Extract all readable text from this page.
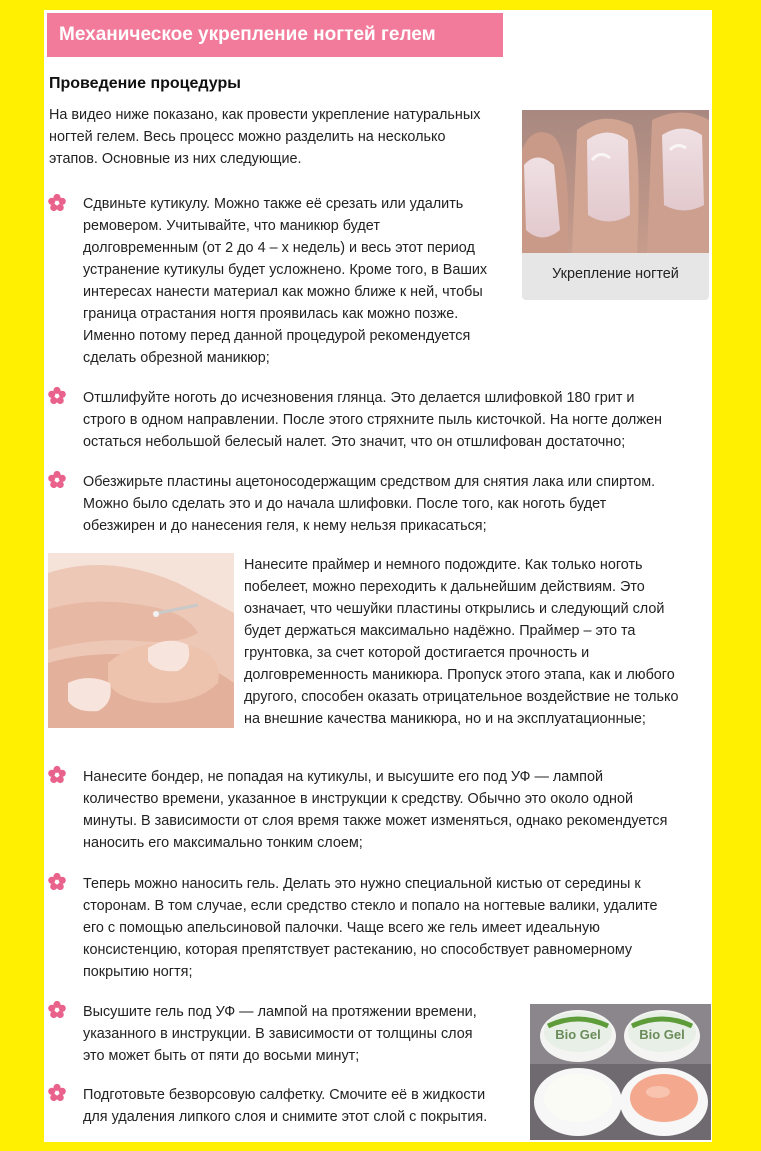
Механическое укрепление ногтей гелем
Проведение процедуры
На видео ниже показано, как провести укрепление натуральных
ногтей гелем. Весь процесс можно разделить на несколько
этапов. Основные из них следующие.
Укрепление ногтей
Сдвиньте кутикулу. Можно также её срезать или удалить
ремовером. Учитывайте, что маникюр будет
долговременным (от 2 до 4 – х недель) и весь этот период
устранение кутикулы будет усложнено. Кроме того, в Ваших
интересах нанести материал как можно ближе к ней, чтобы
граница отрастания ногтя проявилась как можно позже.
Именно потому перед данной процедурой рекомендуется
сделать обрезной маникюр;
Отшлифуйте ноготь до исчезновения глянца. Это делается шлифовкой 180 грит и
строго в одном направлении. После этого стряхните пыль кисточкой. На ногте должен
остаться небольшой белесый налет. Это значит, что он отшлифован достаточно;
Обезжирьте пластины ацетоносодержащим средством для снятия лака или спиртом.
Можно было сделать это и до начала шлифовки. После того, как ноготь будет
обезжирен и до нанесения геля, к нему нельзя прикасаться;
Нанесите праймер и немного подождите. Как только ноготь
побелеет, можно переходить к дальнейшим действиям. Это
означает, что чешуйки пластины открылись и следующий слой
будет держаться максимально надёжно. Праймер – это та
грунтовка, за счет которой достигается прочность и
долговременность маникюра. Пропуск этого этапа, как и любого
другого, способен оказать отрицательное воздействие не только
на внешние качества маникюра, но и на эксплуатационные;
Нанесите бондер, не попадая на кутикулы, и высушите его под УФ — лампой
количество времени, указанное в инструкции к средству. Обычно это около одной
минуты. В зависимости от слоя время также может изменяться, однако рекомендуется
наносить его максимально тонким слоем;
Теперь можно наносить гель. Делать это нужно специальной кистью от середины к
сторонам. В том случае, если средство стекло и попало на ногтевые валики, удалите
его с помощью апельсиновой палочки. Чаще всего же гель имеет идеальную
консистенцию, которая препятствует растеканию, но способствует равномерному
покрытию ногтя;
Высушите гель под УФ — лампой на протяжении времени,
указанного в инструкции. В зависимости от толщины слоя
это может быть от пяти до восьми минут;
Подготовьте безворсовую салфетку. Смочите её в жидкости
для удаления липкого слоя и снимите этот слой с покрытия.
Bio Gel	Bio Gel
